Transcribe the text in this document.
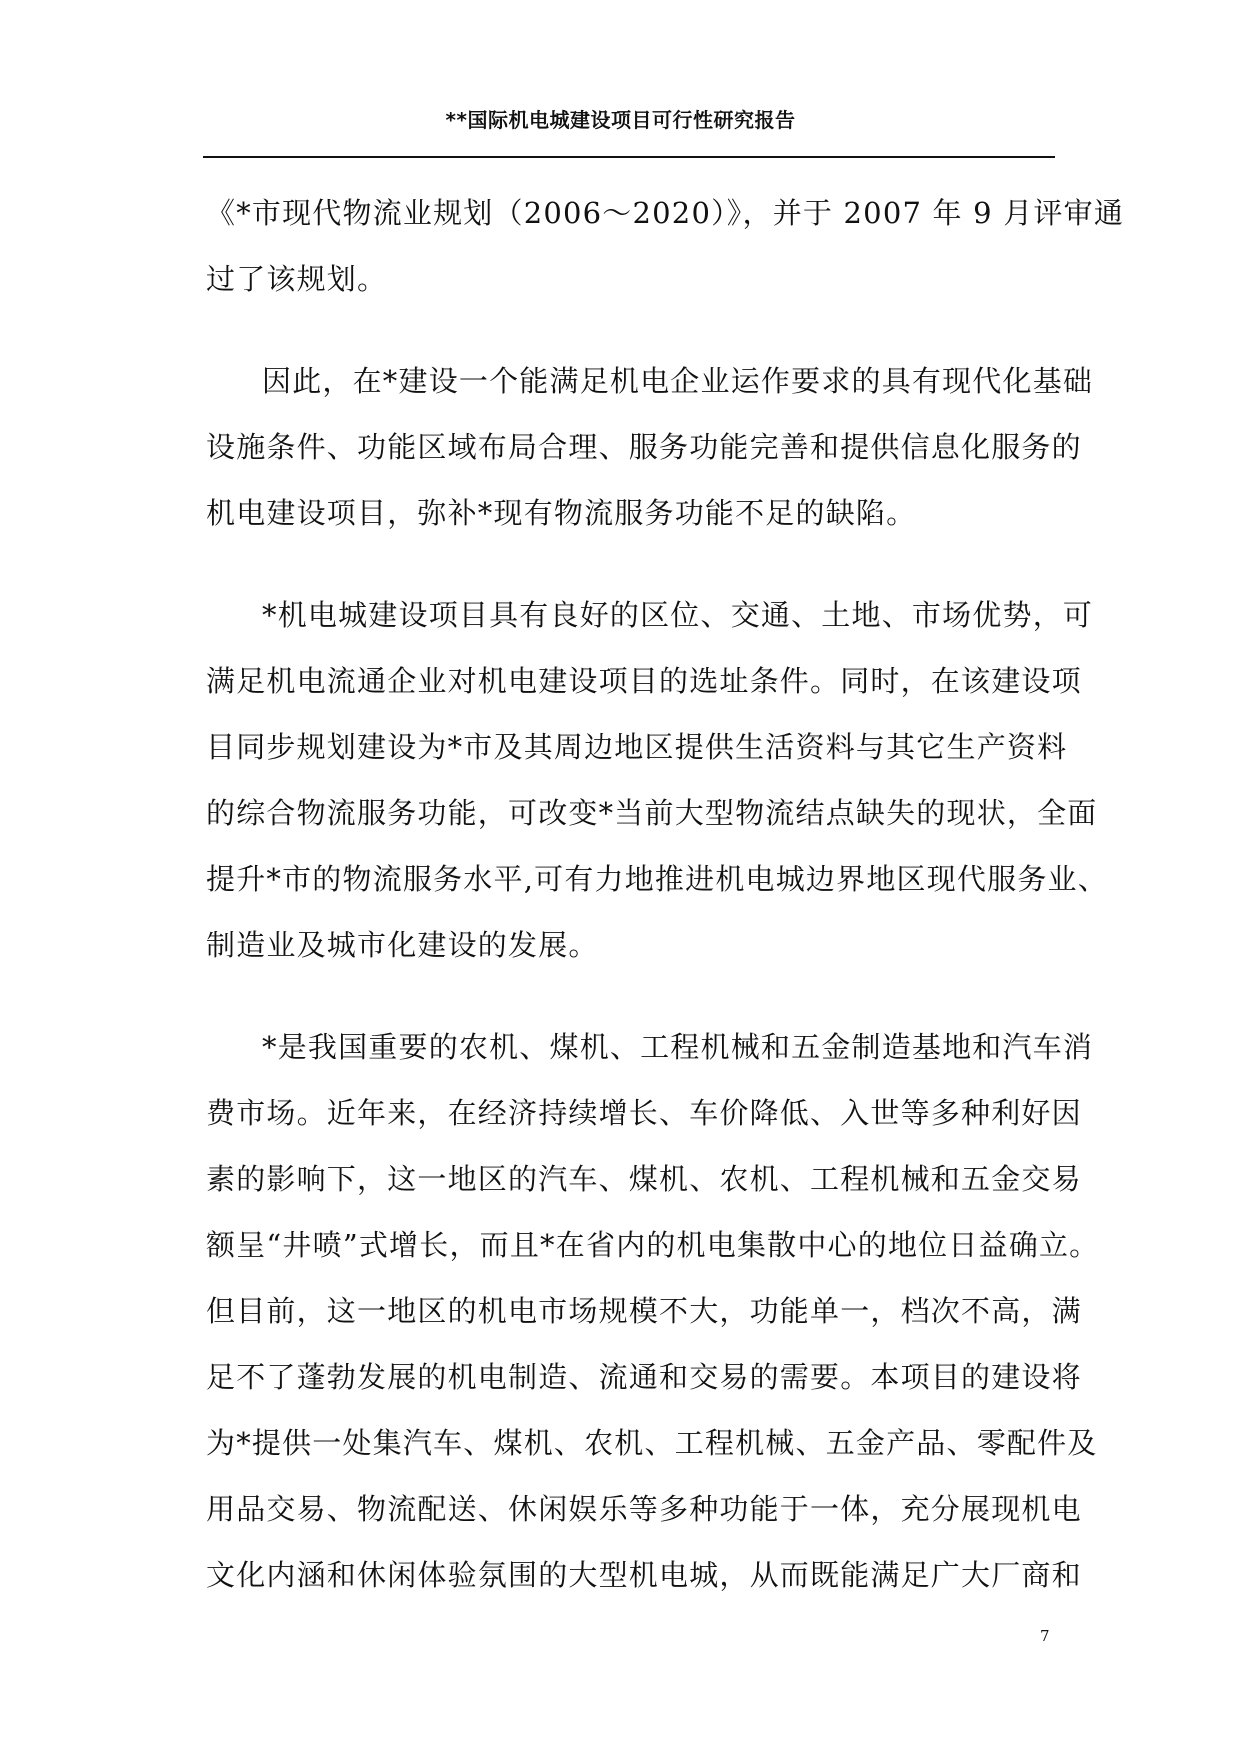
**国际机电城建设项目可行性研究报告
《*市现代物流业规划（2006～2020）》，并于 2007 年 9 月评审通
过了该规划。
因此，在*建设一个能满足机电企业运作要求的具有现代化基础
设施条件、功能区域布局合理、服务功能完善和提供信息化服务的
机电建设项目，弥补*现有物流服务功能不足的缺陷。
*机电城建设项目具有良好的区位、交通、土地、市场优势，可
满足机电流通企业对机电建设项目的选址条件。同时，在该建设项
目同步规划建设为*市及其周边地区提供生活资料与其它生产资料
的综合物流服务功能，可改变*当前大型物流结点缺失的现状，全面
提升*市的物流服务水平,可有力地推进机电城边界地区现代服务业、
制造业及城市化建设的发展。
*是我国重要的农机、煤机、工程机械和五金制造基地和汽车消
费市场。近年来，在经济持续增长、车价降低、入世等多种利好因
素的影响下，这一地区的汽车、煤机、农机、工程机械和五金交易
额呈“井喷”式增长，而且*在省内的机电集散中心的地位日益确立。
但目前，这一地区的机电市场规模不大，功能单一，档次不高，满
足不了蓬勃发展的机电制造、流通和交易的需要。本项目的建设将
为*提供一处集汽车、煤机、农机、工程机械、五金产品、零配件及
用品交易、物流配送、休闲娱乐等多种功能于一体，充分展现机电
文化内涵和休闲体验氛围的大型机电城，从而既能满足广大厂商和
7
